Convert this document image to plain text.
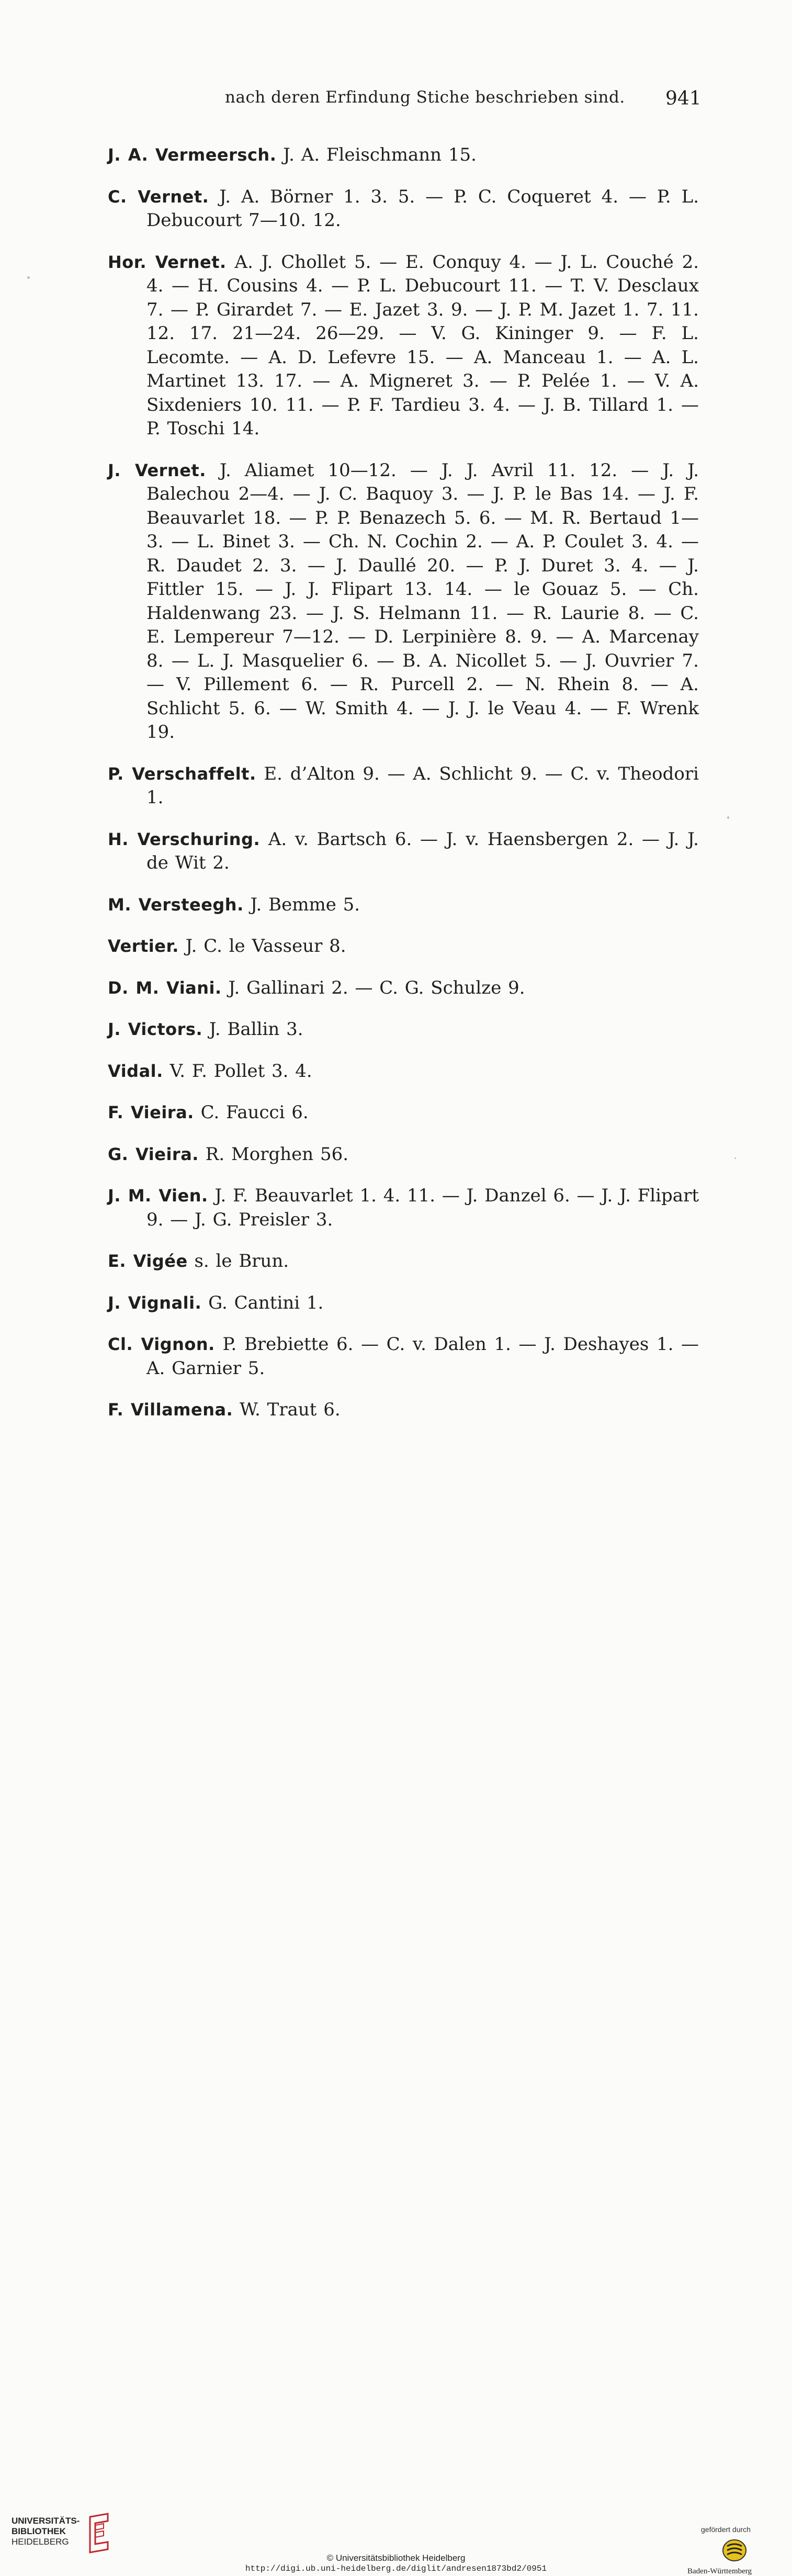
nach deren Erfindung Stiche beschrieben sind. 941

J. A. Vermeersch. J. A. Fleischmann 15.

C. Vernet. J. A. Börner 1. 3. 5. — P. C. Coqueret 4. — P. L. Debucourt 7—10. 12.

Hor. Vernet. A. J. Chollet 5. — E. Conquy 4. — J. L. Couché 2. 4. — H. Cousins 4. — P. L. Debucourt 11. — T. V. Desclaux 7. — P. Girardet 7. — E. Jazet 3. 9. — J. P. M. Jazet 1. 7. 11. 12. 17. 21—24. 26—29. — V. G. Kininger 9. — F. L. Lecomte. — A. D. Lefevre 15. — A. Manceau 1. — A. L. Martinet 13. 17. — A. Migneret 3. — P. Pelée 1. — V. A. Sixdeniers 10. 11. — P. F. Tardieu 3. 4. — J. B. Tillard 1. — P. Toschi 14.

J. Vernet. J. Aliamet 10—12. — J. J. Avril 11. 12. — J. J. Balechou 2—4. — J. C. Baquoy 3. — J. P. le Bas 14. — J. F. Beauvarlet 18. — P. P. Benazech 5. 6. — M. R. Bertaud 1—3. — L. Binet 3. — Ch. N. Cochin 2. — A. P. Coulet 3. 4. — R. Daudet 2. 3. — J. Daullé 20. — P. J. Duret 3. 4. — J. Fittler 15. — J. J. Flipart 13. 14. — le Gouaz 5. — Ch. Haldenwang 23. — J. S. Helmann 11. — R. Laurie 8. — C. E. Lempereur 7—12. — D. Lerpinière 8. 9. — A. Marcenay 8. — L. J. Masquelier 6. — B. A. Nicollet 5. — J. Ouvrier 7. — V. Pillement 6. — R. Purcell 2. — N. Rhein 8. — A. Schlicht 5. 6. — W. Smith 4. — J. J. le Veau 4. — F. Wrenk 19.

P. Verschaffelt. E. d’Alton 9. — A. Schlicht 9. — C. v. Theodori 1.

H. Verschuring. A. v. Bartsch 6. — J. v. Haensbergen 2. — J. J. de Wit 2.

M. Versteegh. J. Bemme 5.

Vertier. J. C. le Vasseur 8.

D. M. Viani. J. Gallinari 2. — C. G. Schulze 9.

J. Victors. J. Ballin 3.

Vidal. V. F. Pollet 3. 4.

F. Vieira. C. Faucci 6.

G. Vieira. R. Morghen 56.

J. M. Vien. J. F. Beauvarlet 1. 4. 11. — J. Danzel 6. — J. J. Flipart 9. — J. G. Preisler 3.

E. Vigée s. le Brun.

J. Vignali. G. Cantini 1.

Cl. Vignon. P. Brebiette 6. — C. v. Dalen 1. — J. Deshayes 1. — A. Garnier 5.

F. Villamena. W. Traut 6.

UNIVERSITÄTS-
BIBLIOTHEK
HEIDELBERG
© Universitätsbibliothek Heidelberg
http://digi.ub.uni-heidelberg.de/diglit/andresen1873bd2/0951
gefördert durch
Baden-Württemberg
